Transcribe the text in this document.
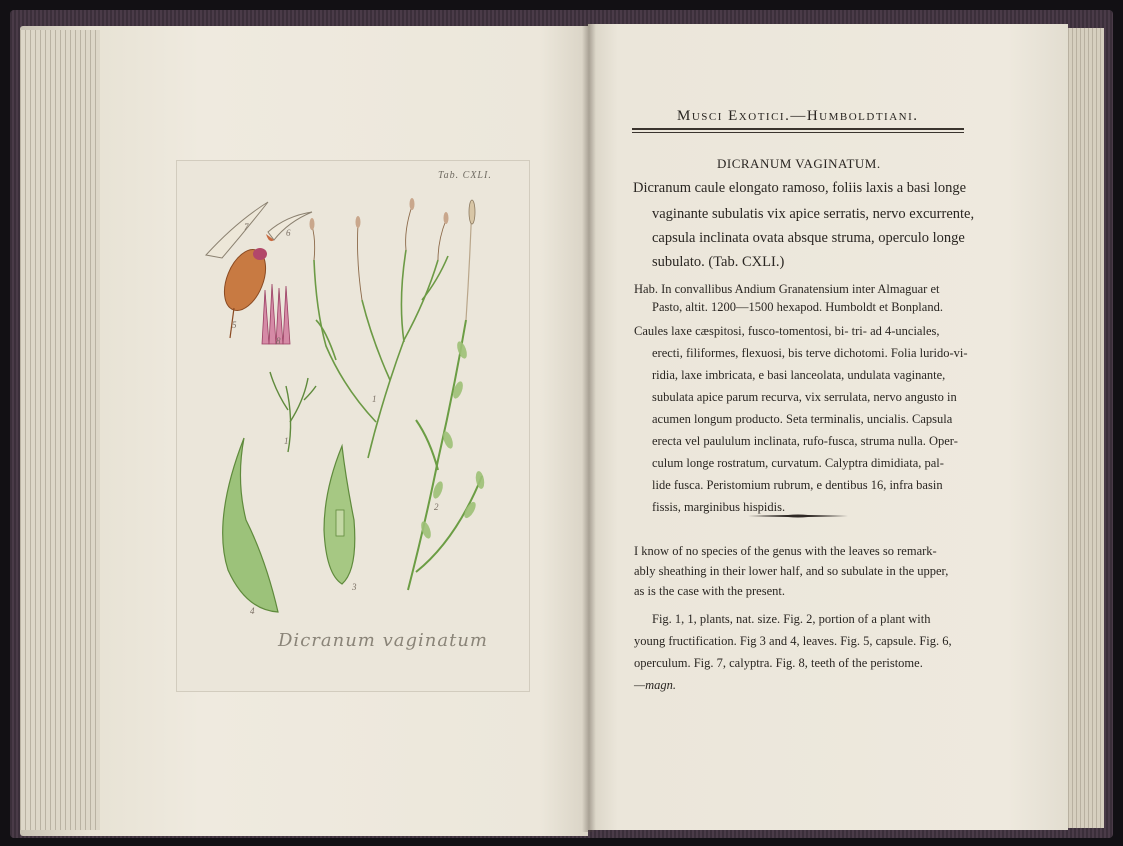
7
6
5
8
1
1
2
4
3
Tab. CXLI.
Dicranum vaginatum
Musci Exotici.—Humboldtiani.
DICRANUM VAGINATUM.
Dicranum caule elongato ramoso, foliis laxis a basi longe
vaginante subulatis vix apice serratis, nervo excurrente,
capsula inclinata ovata absque struma, operculo longe
subulato. (Tab. CXLI.)
Hab. In convallibus Andium Granatensium inter Almaguar et
Pasto, altit. 1200—1500 hexapod. Humboldt et Bonpland.
Caules laxe cæspitosi, fusco-tomentosi, bi- tri- ad 4-unciales,
erecti, filiformes, flexuosi, bis terve dichotomi. Folia lurido-vi-
ridia, laxe imbricata, e basi lanceolata, undulata vaginante,
subulata apice parum recurva, vix serrulata, nervo angusto in
acumen longum producto. Seta terminalis, uncialis. Capsula
erecta vel paululum inclinata, rufo-fusca, struma nulla. Oper-
culum longe rostratum, curvatum. Calyptra dimidiata, pal-
lide fusca. Peristomium rubrum, e dentibus 16, infra basin
fissis, marginibus hispidis.
I know of no species of the genus with the leaves so remark-
ably sheathing in their lower half, and so subulate in the upper,
as is the case with the present.
Fig. 1, 1, plants, nat. size. Fig. 2, portion of a plant with
young fructification. Fig 3 and 4, leaves. Fig. 5, capsule. Fig. 6,
operculum. Fig. 7, calyptra. Fig. 8, teeth of the peristome.
—magn.
